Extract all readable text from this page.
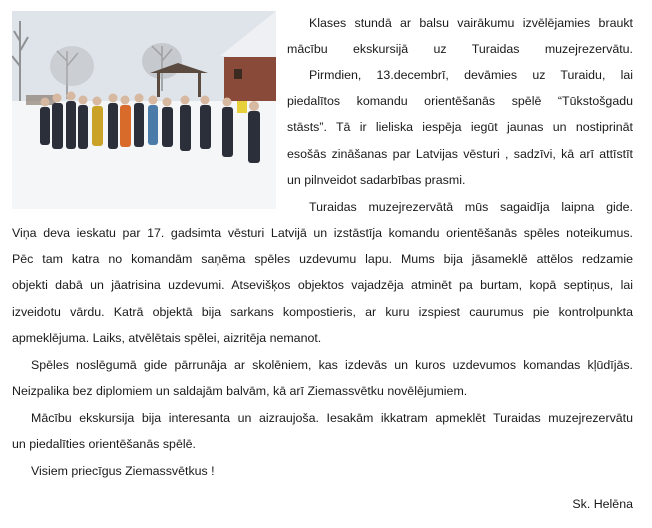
Klases stundā ar balsu vairākumu izvēlējamies braukt
mācību ekskursijā uz Turaidas muzejrezervātu.
Pirmdien, 13.decembrī, devāmies uz Turaidu, lai
piedalītos komandu orientēšanās spēlē “Tūkstošgadu
stāsts”. Tā ir lieliska iespēja iegūt jaunas un nostiprināt
esošās zināšanas par Latvijas vēsturi , sadzīvi, kā arī attīstīt
un pilnveidot sadarbības prasmi.
Turaidas muzejrezervātā mūs sagaidīja laipna gide.
Viņa deva ieskatu par 17. gadsimta vēsturi Latvijā un izstāstīja komandu orientēšanās spēles noteikumus.
Pēc tam katra no komandām saņēma spēles uzdevumu lapu. Mums bija jāsameklē attēlos redzamie
objekti dabā un jāatrisina uzdevumi. Atsevišķos objektos vajadzēja atminēt pa burtam, kopā septiņus, lai
izveidotu vārdu. Katrā objektā bija sarkans kompostieris, ar kuru izspiest caurumus pie kontrolpunkta
apmeklējuma. Laiks, atvēlētais spēlei, aizritēja nemanot.
Spēles noslēgumā gide pārrunāja ar skolēniem, kas izdevās un kuros uzdevumos komandas kļūdījās.
Neizpalika bez diplomiem un saldajām balvām, kā arī Ziemassvētku novēlējumiem.
Mācību ekskursija bija interesanta un aizraujoša. Iesakām ikkatram apmeklēt Turaidas muzejrezervātu
un piedalīties orientēšanās spēlē.
Visiem priecīgus Ziemassvētkus !
Sk. Helēna
